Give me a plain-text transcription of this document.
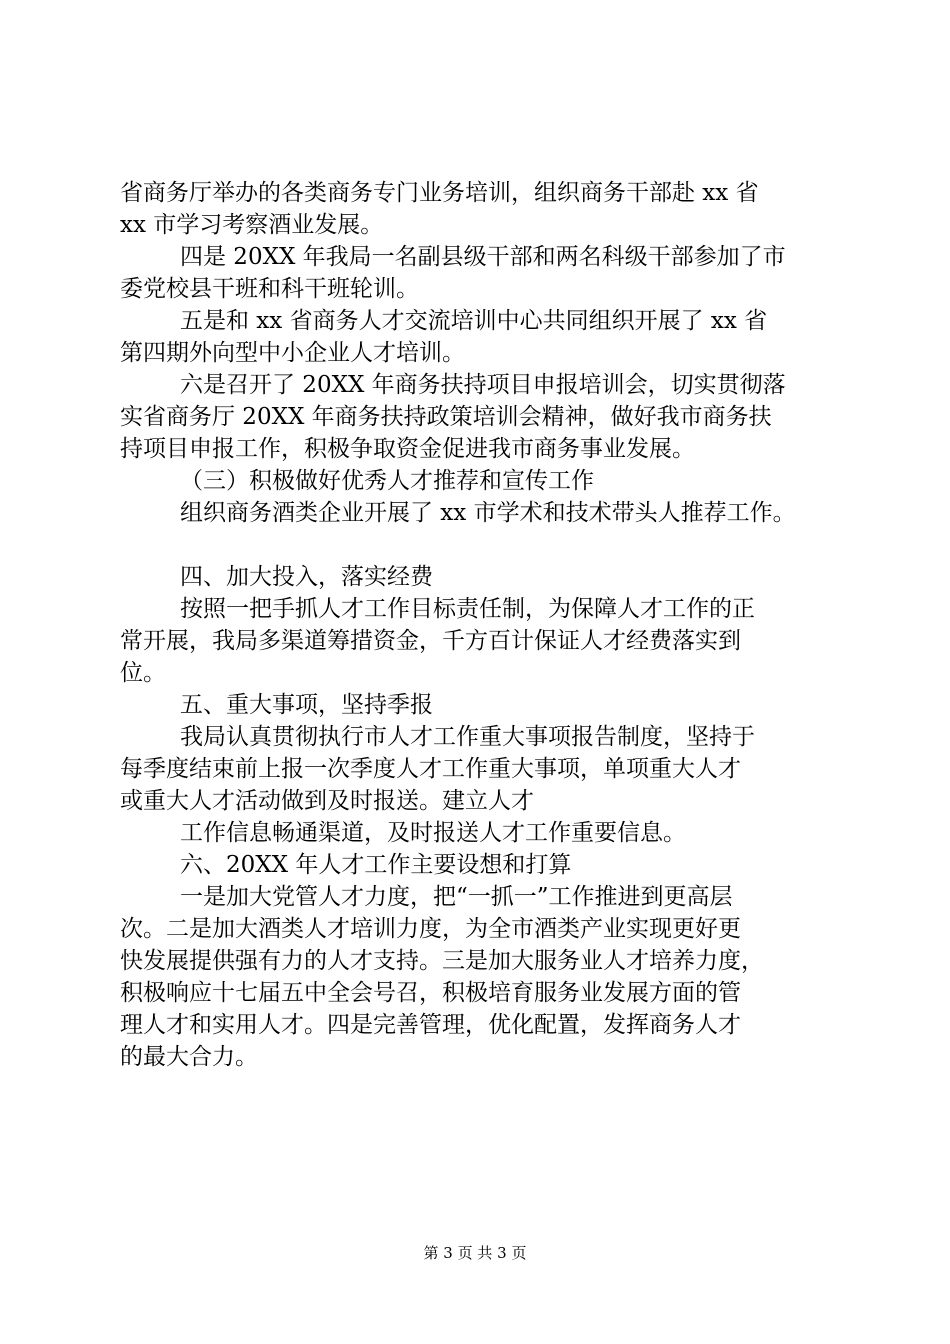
省商务厅举办的各类商务专门业务培训，组织商务干部赴 xx 省
xx 市学习考察酒业发展。
四是 20XX 年我局一名副县级干部和两名科级干部参加了市
委党校县干班和科干班轮训。
五是和 xx 省商务人才交流培训中心共同组织开展了 xx 省
第四期外向型中小企业人才培训。
六是召开了 20XX 年商务扶持项目申报培训会，切实贯彻落
实省商务厅 20XX 年商务扶持政策培训会精神，做好我市商务扶
持项目申报工作，积极争取资金促进我市商务事业发展。
（三）积极做好优秀人才推荐和宣传工作
组织商务酒类企业开展了 xx 市学术和技术带头人推荐工作。
四、加大投入，落实经费
按照一把手抓人才工作目标责任制，为保障人才工作的正
常开展，我局多渠道筹措资金，千方百计保证人才经费落实到
位。
五、重大事项，坚持季报
我局认真贯彻执行市人才工作重大事项报告制度，坚持于
每季度结束前上报一次季度人才工作重大事项，单项重大人才
或重大人才活动做到及时报送。建立人才
工作信息畅通渠道，及时报送人才工作重要信息。
六、20XX 年人才工作主要设想和打算
一是加大党管人才力度，把“一抓一”工作推进到更高层
次。二是加大酒类人才培训力度，为全市酒类产业实现更好更
快发展提供强有力的人才支持。三是加大服务业人才培养力度，
积极响应十七届五中全会号召，积极培育服务业发展方面的管
理人才和实用人才。四是完善管理，优化配置，发挥商务人才
的最大合力。
第 3 页 共 3 页
